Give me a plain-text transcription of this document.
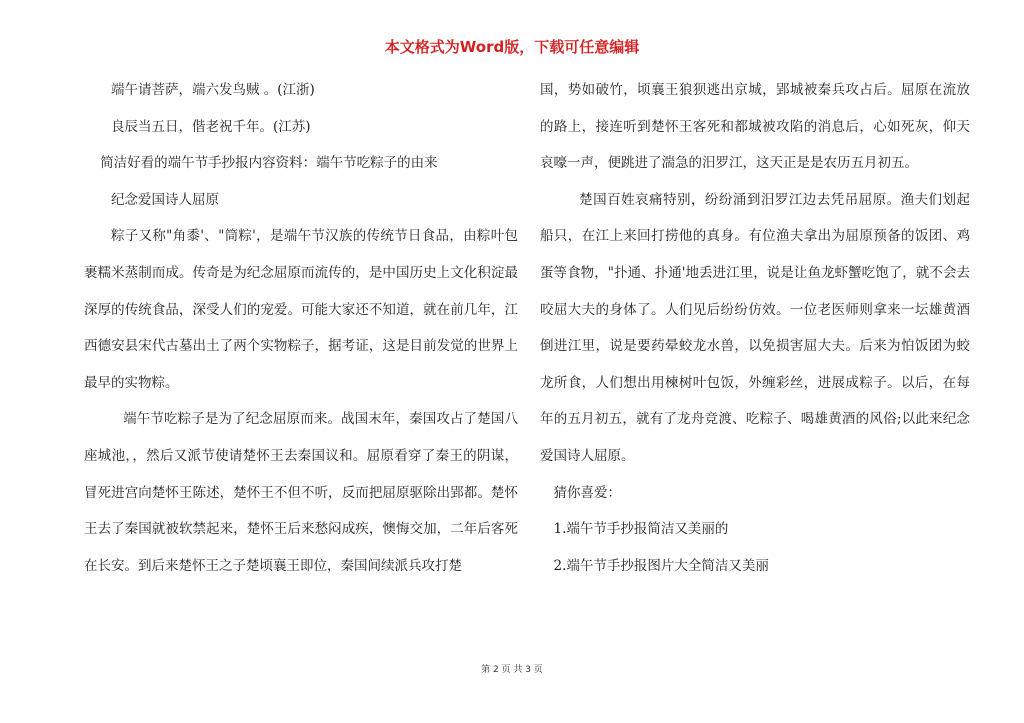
本文格式为Word版，下载可任意编辑

端午请菩萨，端六发鸟贼 。(江浙)

良辰当五日，偕老祝千年。(江苏)

简洁好看的端午节手抄报内容资料：端午节吃粽子的由来

纪念爱国诗人屈原

粽子又称"角黍'、"筒粽'，是端午节汉族的传统节日食品，由粽叶包裹糯米蒸制而成。传奇是为纪念屈原而流传的，是中国历史上文化积淀最深厚的传统食品，深受人们的宠爱。可能大家还不知道，就在前几年，江西德安县宋代古墓出土了两个实物粽子，据考证，这是目前发觉的世界上最早的实物粽。

端午节吃粽子是为了纪念屈原而来。战国末年，秦国攻占了楚国八座城池，，然后又派节使请楚怀王去秦国议和。屈原看穿了秦王的阴谋，冒死进宫向楚怀王陈述，楚怀王不但不听，反而把屈原驱除出郢都。楚怀王去了秦国就被软禁起来，楚怀王后来愁闷成疾，懊悔交加，二年后客死在长安。到后来楚怀王之子楚顷襄王即位，秦国间续派兵攻打楚

国，势如破竹，顷襄王狼狈逃出京城，郢城被秦兵攻占后。屈原在流放的路上，接连听到楚怀王客死和都城被攻陷的消息后，心如死灰，仰天哀嚎一声，便跳进了湍急的汨罗江，这天正是是农历五月初五。

楚国百姓哀痛特别，纷纷涌到汨罗江边去凭吊屈原。渔夫们划起船只，在江上来回打捞他的真身。有位渔夫拿出为屈原预备的饭团、鸡蛋等食物，"扑通、扑通'地丢进江里，说是让鱼龙虾蟹吃饱了，就不会去咬屈大夫的身体了。人们见后纷纷仿效。一位老医师则拿来一坛雄黄酒倒进江里，说是要药晕蛟龙水兽，以免损害屈大夫。后来为怕饭团为蛟龙所食，人们想出用楝树叶包饭，外缠彩丝，进展成粽子。以后，在每年的五月初五，就有了龙舟竞渡、吃粽子、喝雄黄酒的风俗;以此来纪念爱国诗人屈原。

猜你喜爱：

1.端午节手抄报简洁又美丽的

2.端午节手抄报图片大全简洁又美丽

第 2 页 共 3 页
